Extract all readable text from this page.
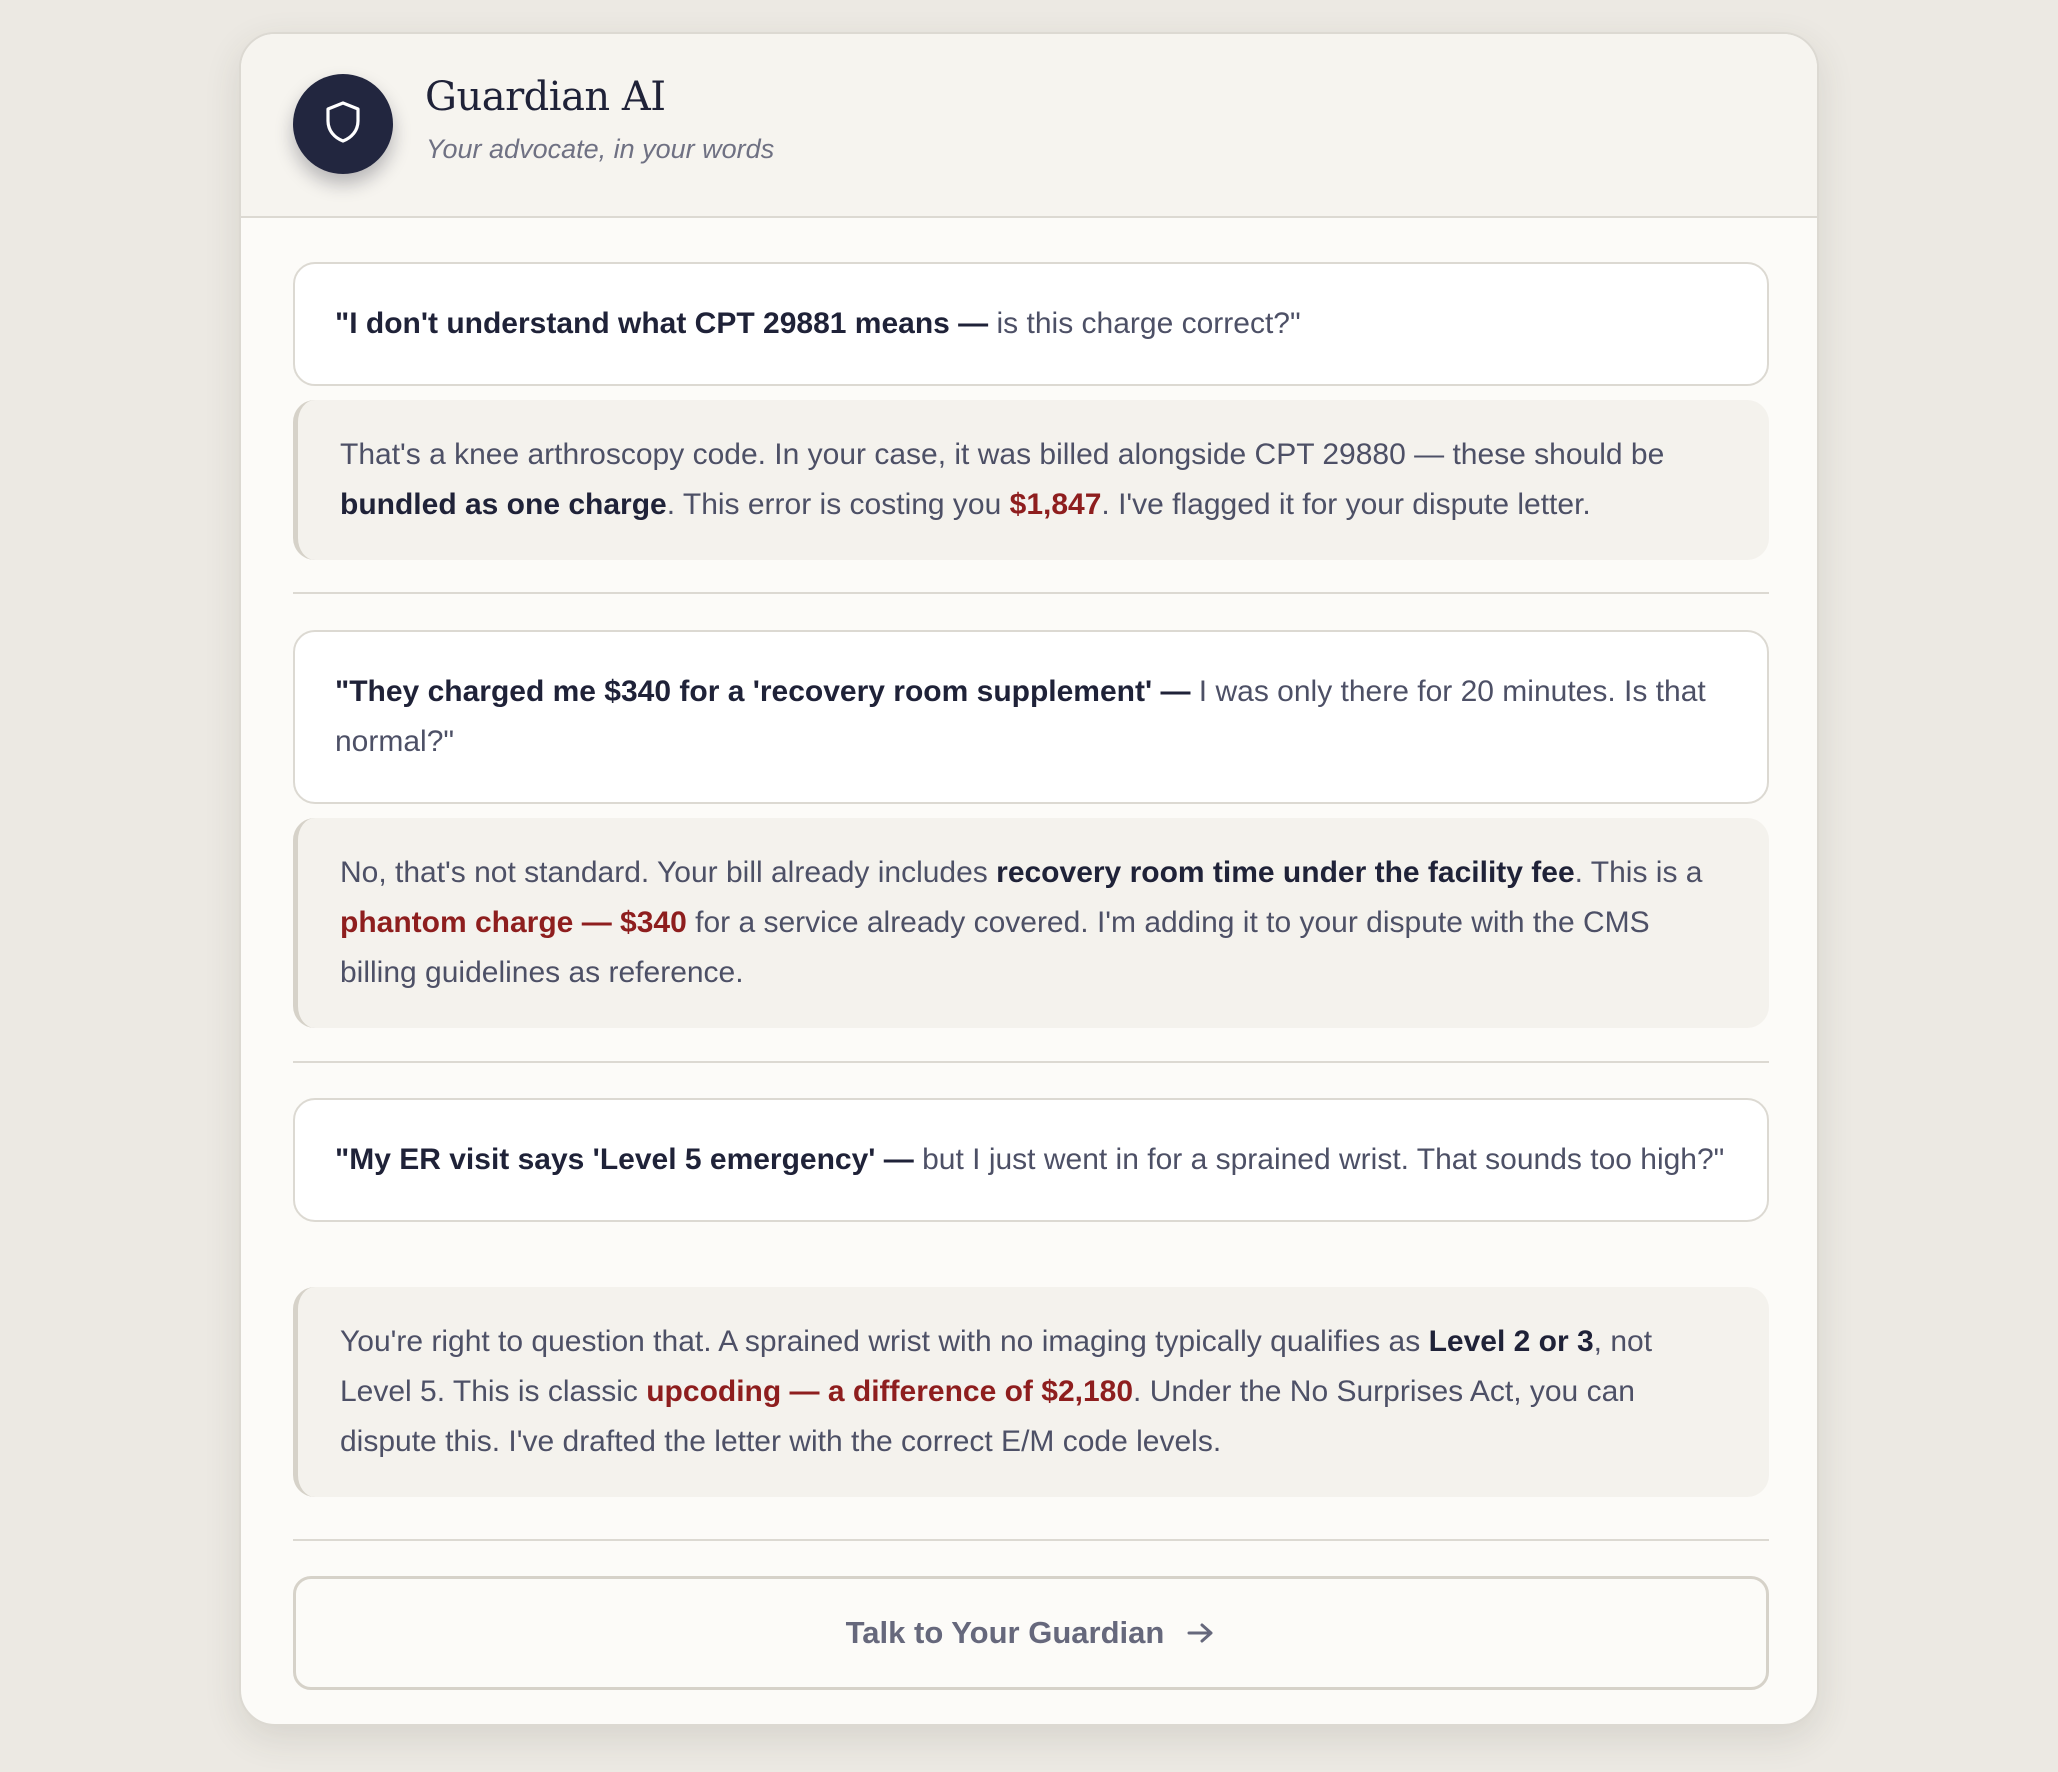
Guardian AI
Your advocate, in your words
"I don't understand what CPT 29881 means — is this charge correct?"
That's a knee arthroscopy code. In your case, it was billed alongside CPT 29880 — these should be bundled as one charge. This error is costing you $1,847. I've flagged it for your dispute letter.
"They charged me $340 for a 'recovery room supplement' — I was only there for 20 minutes. Is that normal?"
No, that's not standard. Your bill already includes recovery room time under the facility fee. This is a phantom charge — $340 for a service already covered. I'm adding it to your dispute with the CMS billing guidelines as reference.
"My ER visit says 'Level 5 emergency' — but I just went in for a sprained wrist. That sounds too high?"
You're right to question that. A sprained wrist with no imaging typically qualifies as Level 2 or 3, not Level 5. This is classic upcoding — a difference of $2,180. Under the No Surprises Act, you can dispute this. I've drafted the letter with the correct E/M code levels.
Talk to Your Guardian
